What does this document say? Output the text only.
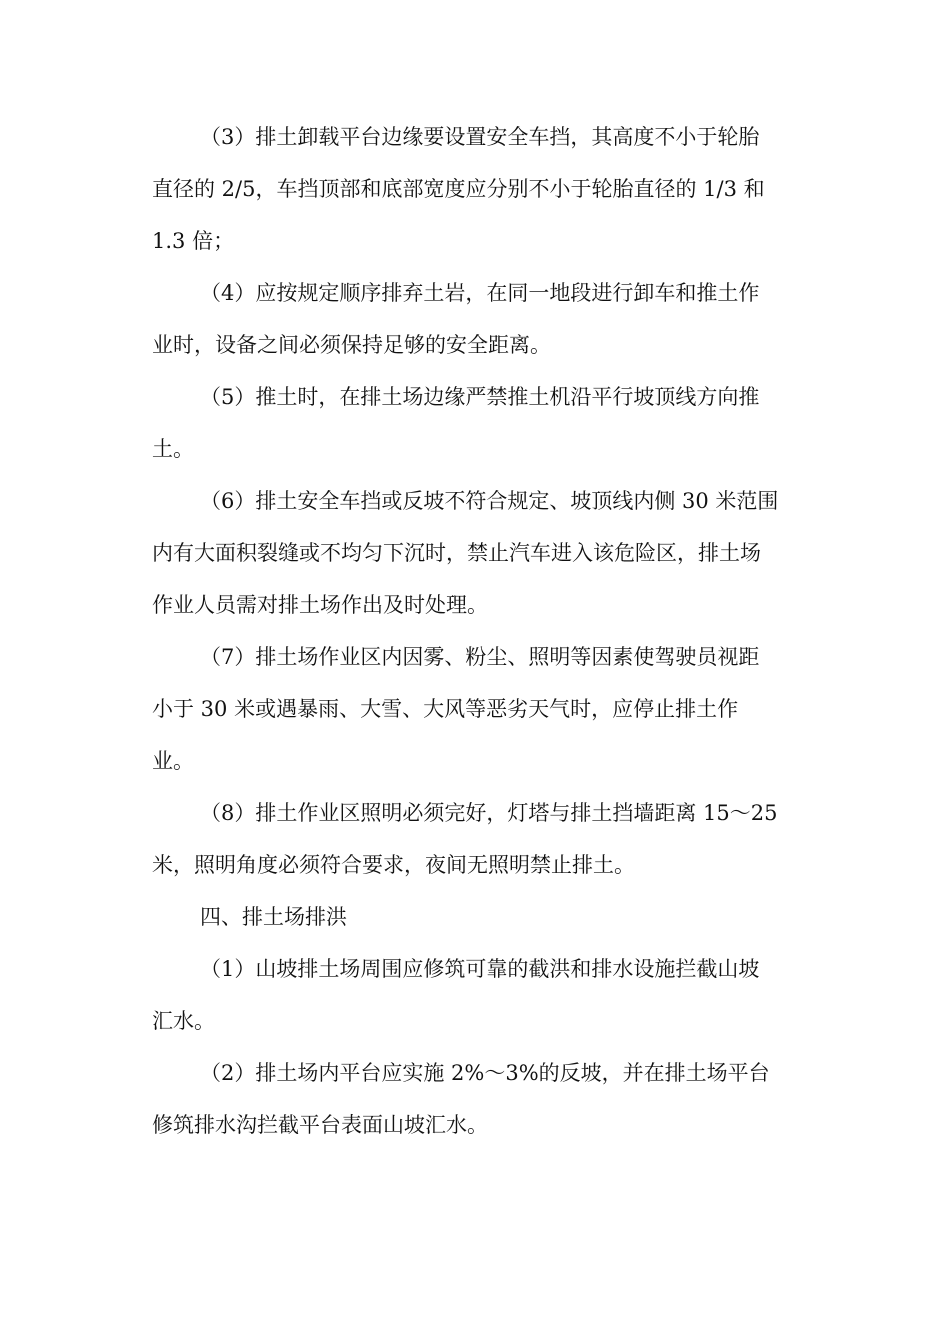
（3）排土卸载平台边缘要设置安全车挡，其高度不小于轮胎
直径的 2/5，车挡顶部和底部宽度应分别不小于轮胎直径的 1/3 和
1.3 倍；
（4）应按规定顺序排弃土岩，在同一地段进行卸车和推土作
业时，设备之间必须保持足够的安全距离。
（5）推土时，在排土场边缘严禁推土机沿平行坡顶线方向推
土。
（6）排土安全车挡或反坡不符合规定、坡顶线内侧 30 米范围
内有大面积裂缝或不均匀下沉时，禁止汽车进入该危险区，排土场
作业人员需对排土场作出及时处理。
（7）排土场作业区内因雾、粉尘、照明等因素使驾驶员视距
小于 30 米或遇暴雨、大雪、大风等恶劣天气时，应停止排土作
业。
（8）排土作业区照明必须完好，灯塔与排土挡墙距离 15～25
米，照明角度必须符合要求，夜间无照明禁止排土。
四、排土场排洪
（1）山坡排土场周围应修筑可靠的截洪和排水设施拦截山坡
汇水。
（2）排土场内平台应实施 2%～3%的反坡，并在排土场平台
修筑排水沟拦截平台表面山坡汇水。
